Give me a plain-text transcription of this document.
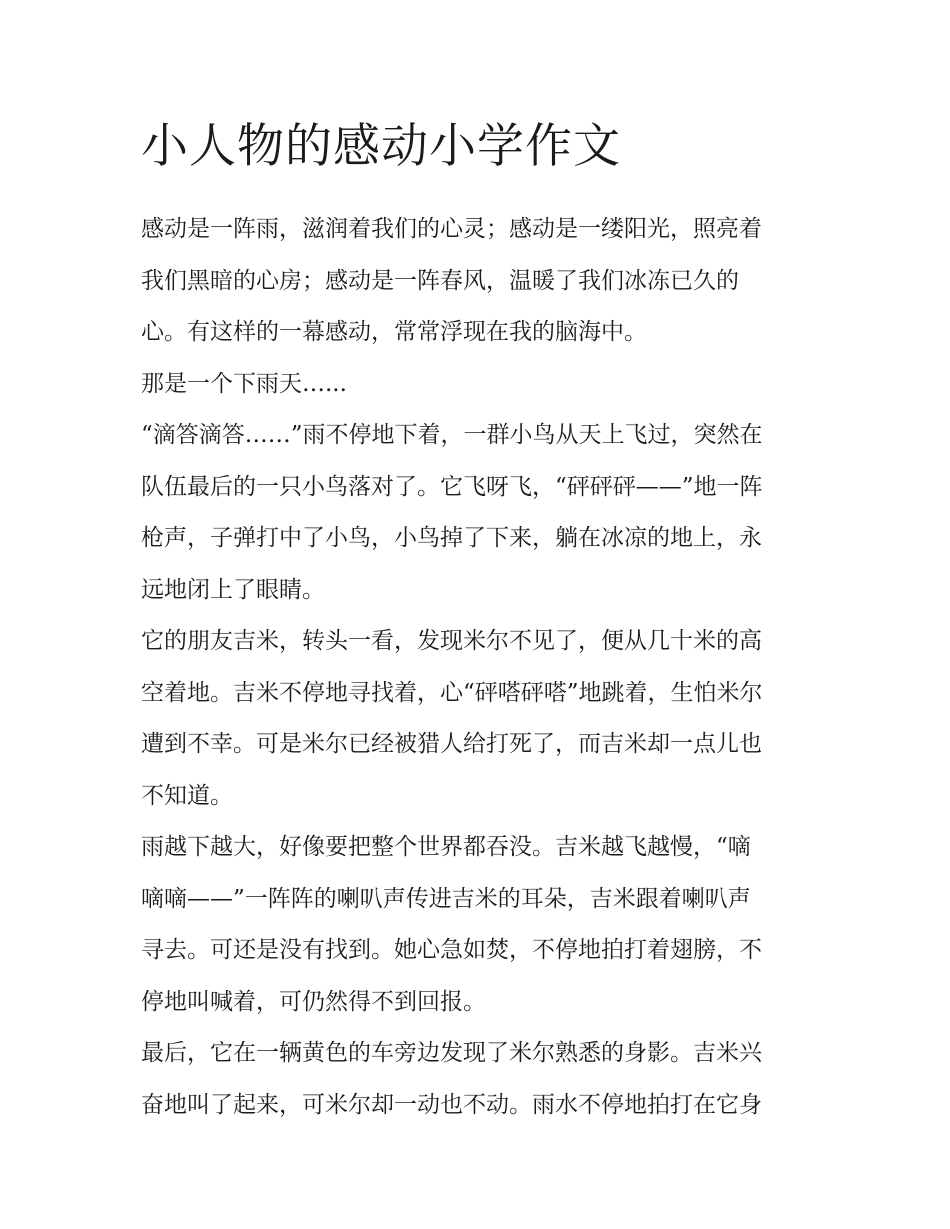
小人物的感动小学作文

感动是一阵雨，滋润着我们的心灵；感动是一缕阳光，照亮着
我们黑暗的心房；感动是一阵春风，温暖了我们冰冻已久的
心。有这样的一幕感动，常常浮现在我的脑海中。

那是一个下雨天…...

“滴答滴答……”雨不停地下着，一群小鸟从天上飞过，突然在
队伍最后的一只小鸟落对了。它飞呀飞，“砰砰砰——”地一阵
枪声，子弹打中了小鸟，小鸟掉了下来，躺在冰凉的地上，永
远地闭上了眼睛。

它的朋友吉米，转头一看，发现米尔不见了，便从几十米的高
空着地。吉米不停地寻找着，心“砰嗒砰嗒”地跳着，生怕米尔
遭到不幸。可是米尔已经被猎人给打死了，而吉米却一点儿也
不知道。

雨越下越大，好像要把整个世界都吞没。吉米越飞越慢，“嘀
嘀嘀——”一阵阵的喇叭声传进吉米的耳朵，吉米跟着喇叭声
寻去。可还是没有找到。她心急如焚，不停地拍打着翅膀，不
停地叫喊着，可仍然得不到回报。

最后，它在一辆黄色的车旁边发现了米尔熟悉的身影。吉米兴
奋地叫了起来，可米尔却一动也不动。雨水不停地拍打在它身
